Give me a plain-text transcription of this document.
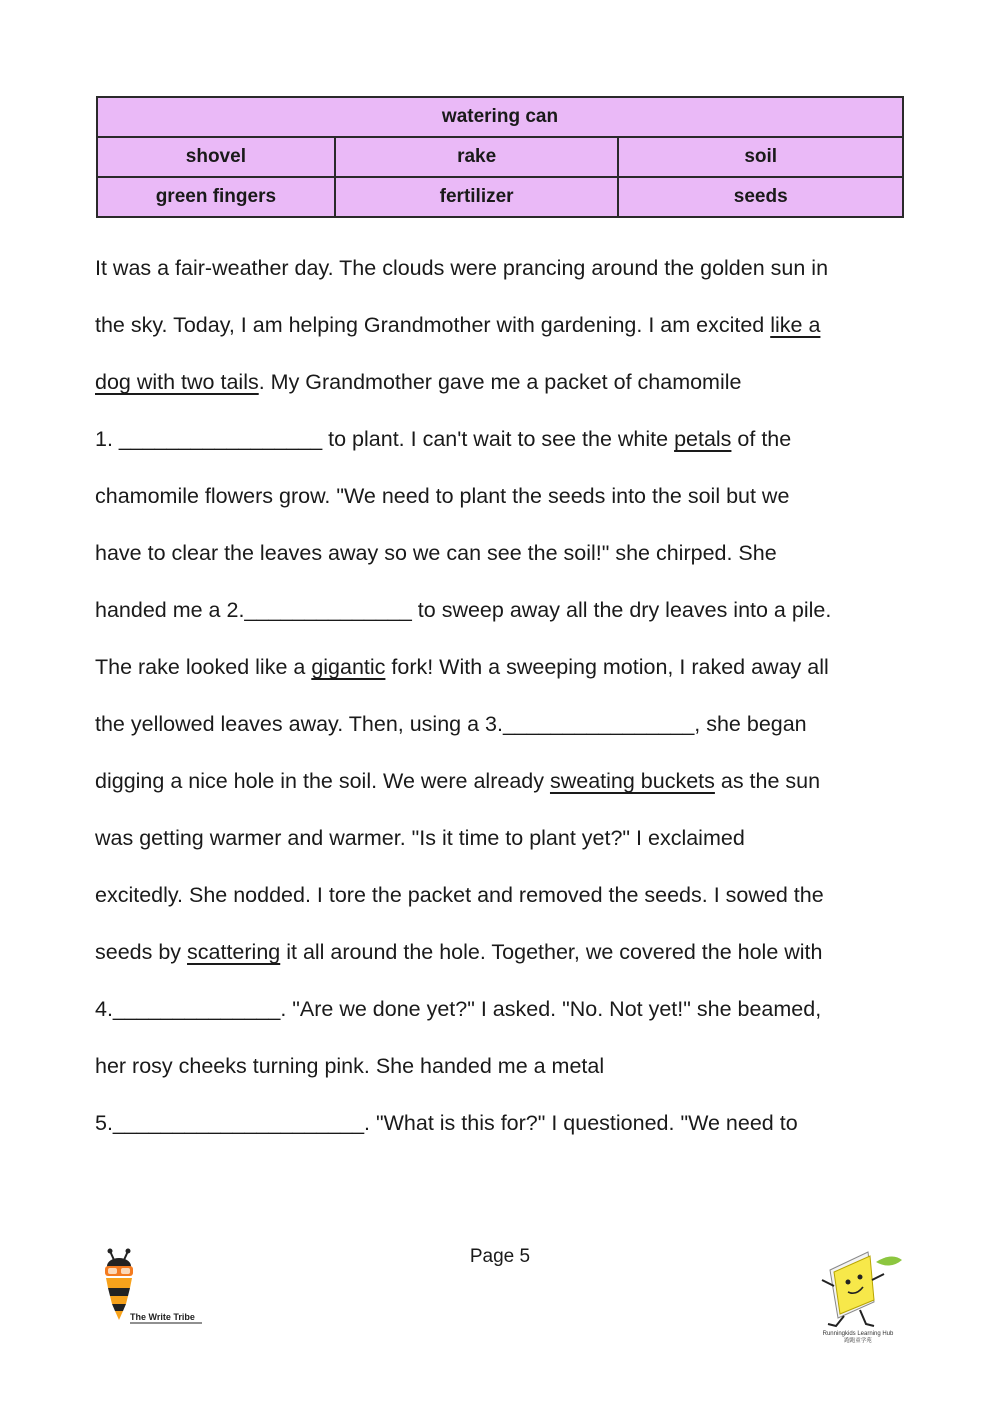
watering can		
shovel	rake	soil
green fingers	fertilizer	seeds
It was a fair-weather day. The clouds were prancing around the golden sun in
the sky. Today, I am helping Grandmother with gardening. I am excited like a
dog with two tails. My Grandmother gave me a packet of chamomile
1. _________________ to plant. I can't wait to see the white petals of the
chamomile flowers grow. "We need to plant the seeds into the soil but we
have to clear the leaves away so we can see the soil!" she chirped. She
handed me a 2.______________ to sweep away all the dry leaves into a pile.
The rake looked like a gigantic fork! With a sweeping motion, I raked away all
the yellowed leaves away. Then, using a 3.________________, she began
digging a nice hole in the soil. We were already sweating buckets as the sun
was getting warmer and warmer. "Is it time to plant yet?" I exclaimed
excitedly. She nodded. I tore the packet and removed the seeds. I sowed the
seeds by scattering it all around the hole. Together, we covered the hole with
4.______________. "Are we done yet?" I asked. "No. Not yet!" she beamed,
her rosy cheeks turning pink. She handed me a metal
5._____________________. "What is this for?" I questioned. "We need to
Page 5
The Write Tribe
Runningkids Learning Hub
跑跑童学苑
